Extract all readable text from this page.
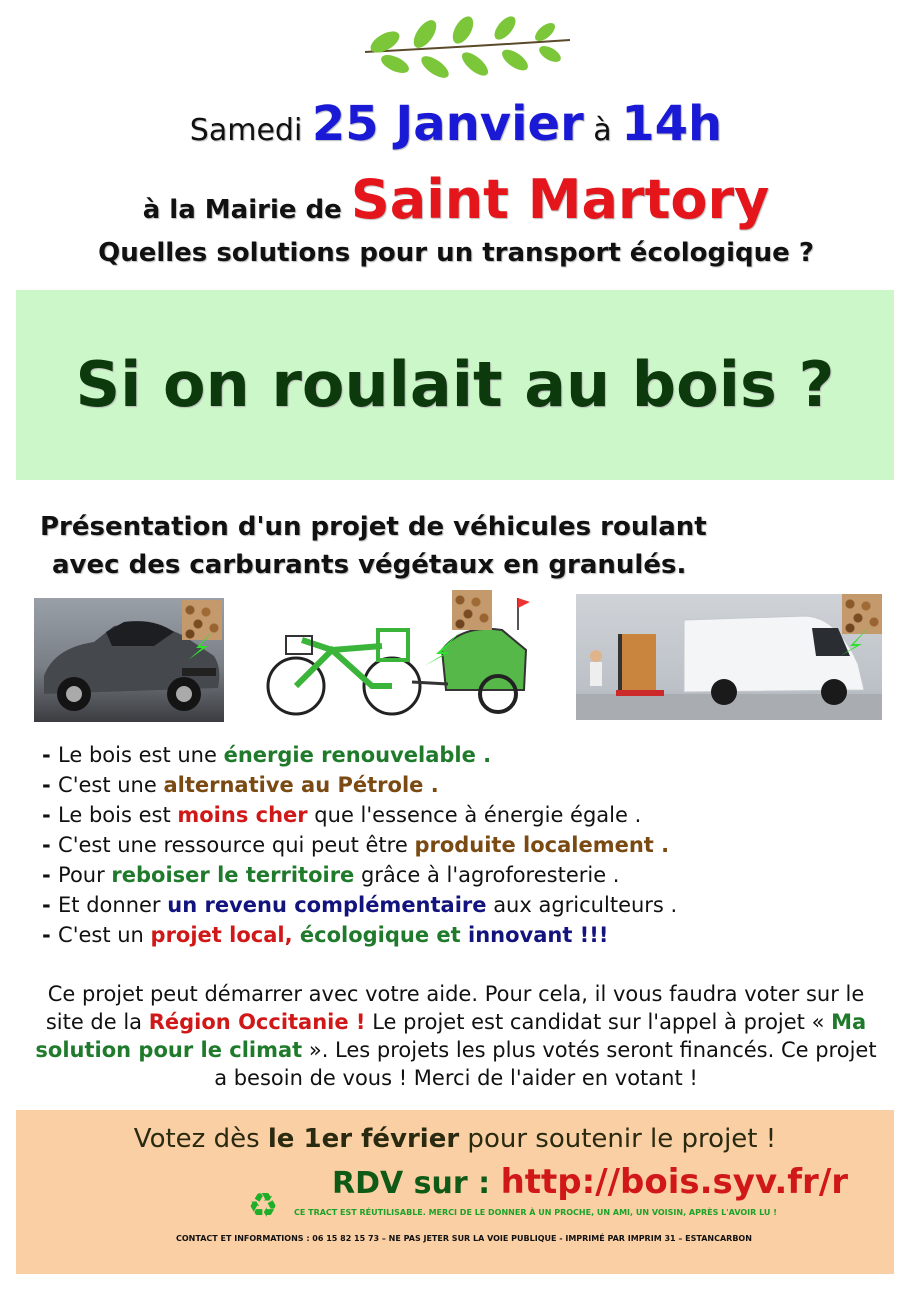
Samedi 25 Janvier à 14h
à la Mairie de Saint Martory
Quelles solutions pour un transport écologique ?
Si on roulait au bois ?
Présentation d'un projet de véhicules roulant
avec des carburants végétaux en granulés.
- Le bois est une énergie renouvelable .
- C'est une alternative au Pétrole .
- Le bois est moins cher que l'essence à énergie égale .
- C'est une ressource qui peut être produite localement .
- Pour reboiser le territoire grâce à l'agroforesterie .
- Et donner un revenu complémentaire aux agriculteurs .
- C'est un projet local, écologique et innovant !!!
Ce projet peut démarrer avec votre aide. Pour cela, il vous faudra voter sur le site de la Région Occitanie ! Le projet est candidat sur l'appel à projet « Ma solution pour le climat ». Les projets les plus votés seront financés. Ce projet a besoin de vous ! Merci de l'aider en votant !
Votez dès le 1er février pour soutenir le projet !
RDV sur : http://bois.syv.fr/r
♻	CE TRACT EST RÉUTILISABLE. MERCI DE LE DONNER À UN PROCHE, UN AMI, UN VOISIN, APRÈS L'AVOIR LU !
CONTACT ET INFORMATIONS : 06 15 82 15 73 – NE PAS JETER SUR LA VOIE PUBLIQUE - IMPRIMÉ PAR IMPRIM 31 – ESTANCARBON
